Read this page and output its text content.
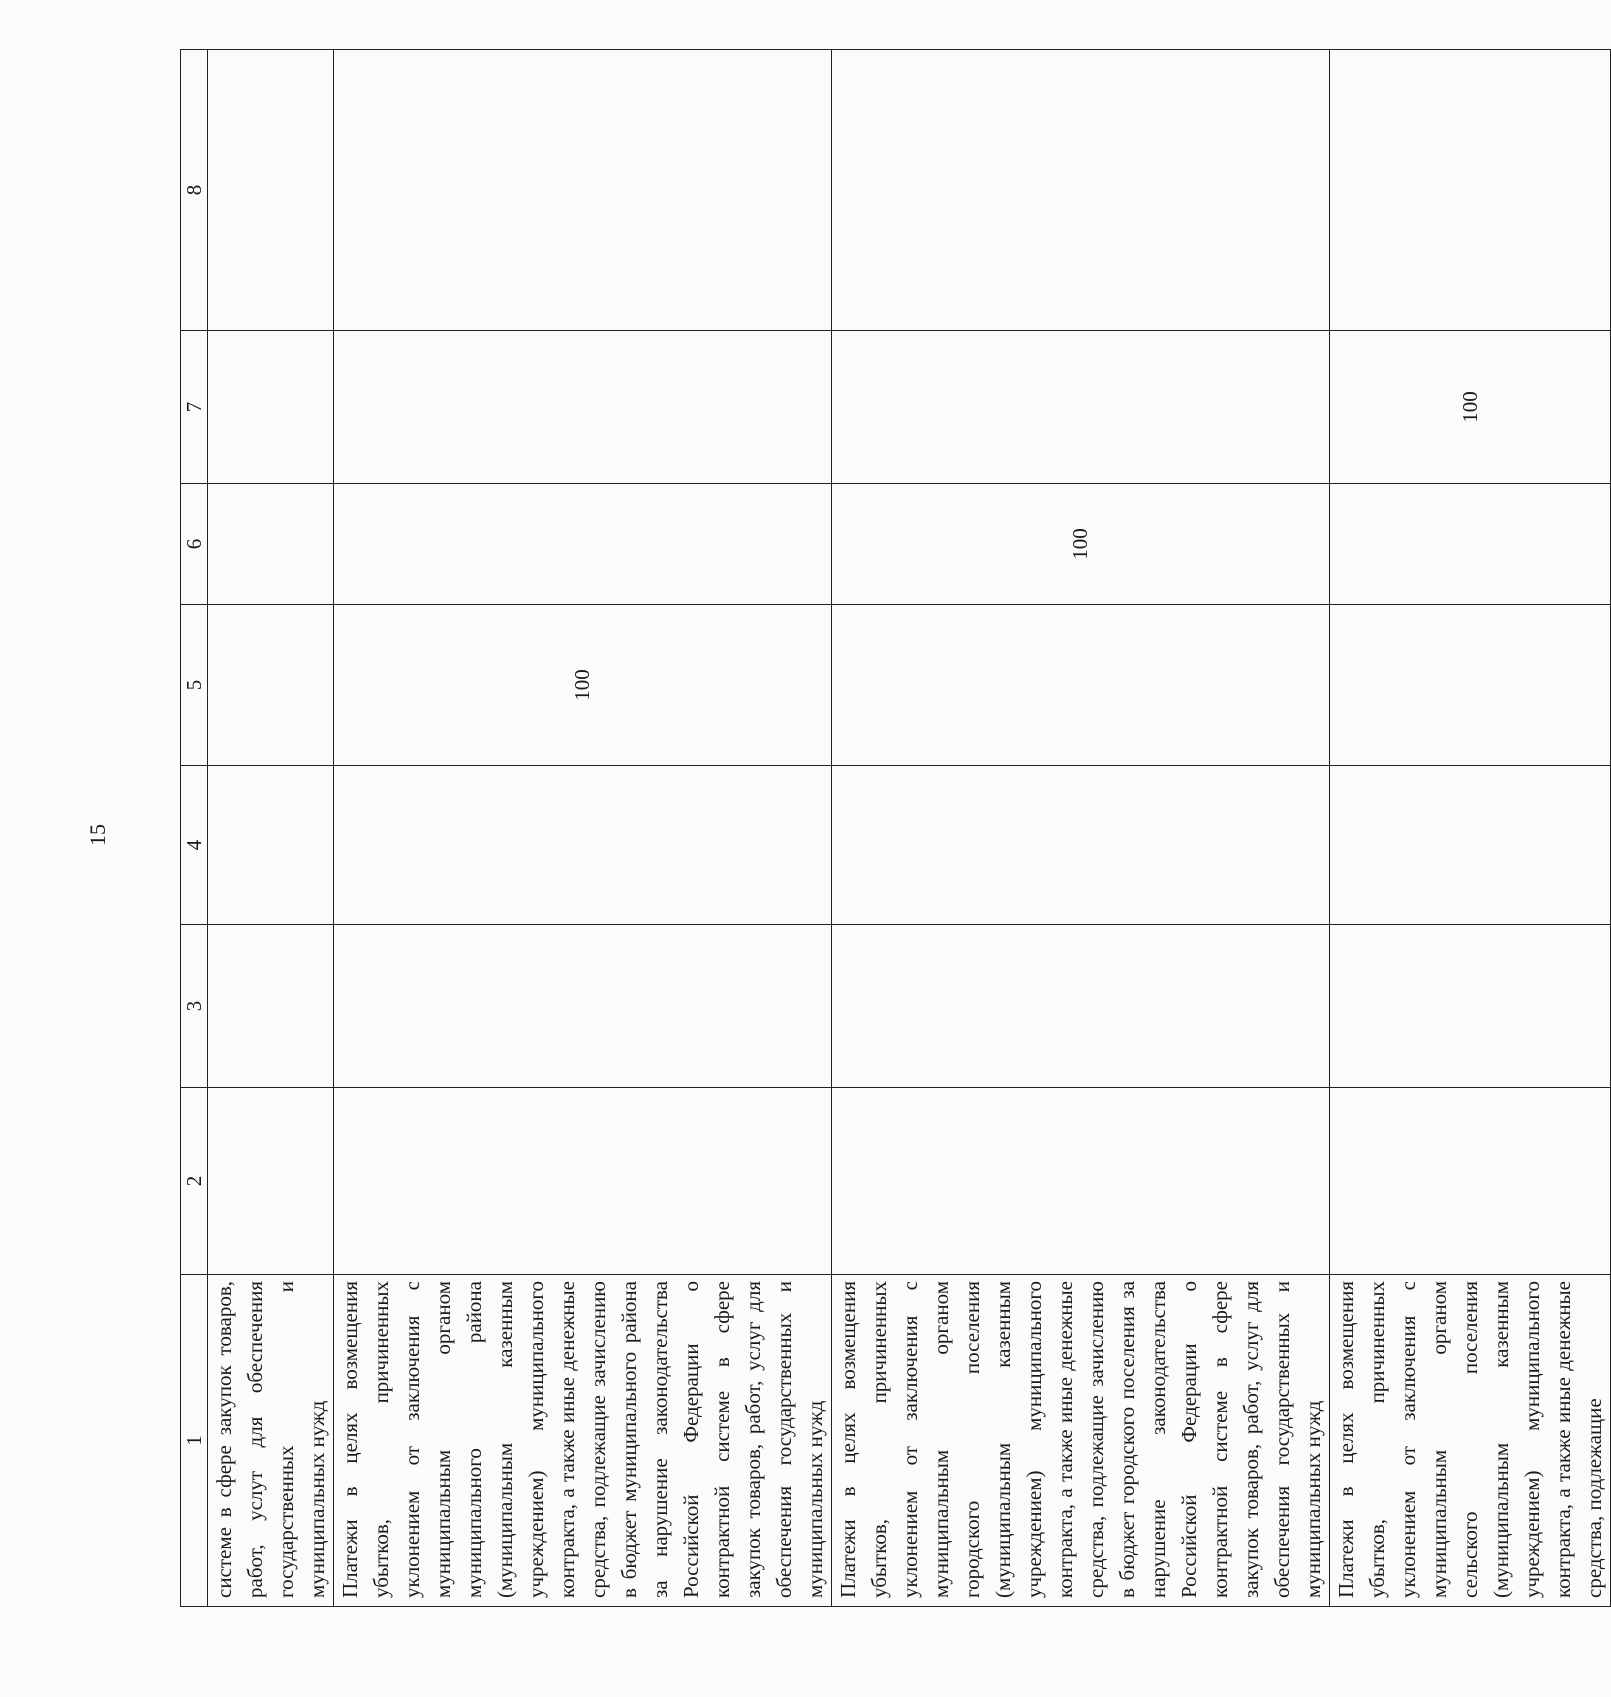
15
1	2	3	4	5	6	7	8
системе в сфере закупок товаров, работ, услут для обеспечения государственных и муниципальных нужд							
Платежи в целях возмещения убытков, причиненных уклонением от заключения с муниципальным органом муниципального района (муниципальным казенным учреждением) муниципального контракта, а также иные денежные средства, подлежащие зачислению в бюджет муниципального района за нарушение законодательства Российской Федерации о контрактной системе в сфере закупок товаров, работ, услуг для обеспечения государственных и муниципальных нужд				100			
Платежи в целях возмещения убытков, причиненных уклонением от заключения с муниципальным органом городского поселения (муниципальным казенным учреждением) муниципального контракта, а также иные денежные средства, подлежащие зачислению в бюджет городского поселения за нарушение законодательства Российской Федерации о контрактной системе в сфере закупок товаров, работ, услуг для обеспечения государственных и муниципальных нужд					100		
Платежи в целях возмещения убытков, причиненных уклонением от заключения с муниципальным органом сельского поселения (муниципальным казенным учреждением) муниципального контракта, а также иные денежные средства, подлежащие						100	
